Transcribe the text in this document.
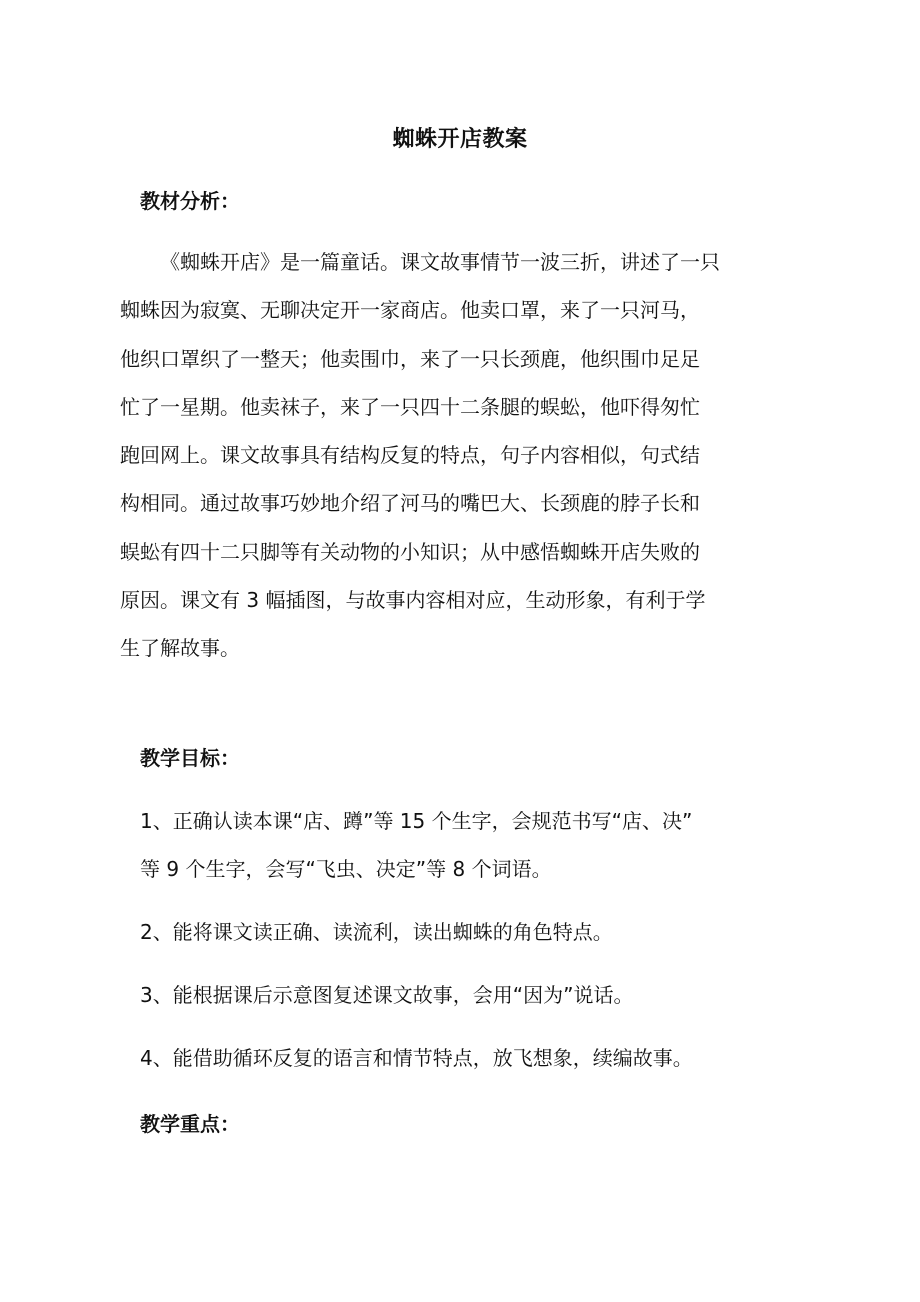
蜘蛛开店教案
教材分析：
《蜘蛛开店》是一篇童话。课文故事情节一波三折，讲述了一只
蜘蛛因为寂寞、无聊决定开一家商店。他卖口罩，来了一只河马，
他织口罩织了一整天；他卖围巾，来了一只长颈鹿，他织围巾足足
忙了一星期。他卖袜子，来了一只四十二条腿的蜈蚣，他吓得匆忙
跑回网上。课文故事具有结构反复的特点，句子内容相似，句式结
构相同。通过故事巧妙地介绍了河马的嘴巴大、长颈鹿的脖子长和
蜈蚣有四十二只脚等有关动物的小知识；从中感悟蜘蛛开店失败的
原因。课文有 3 幅插图，与故事内容相对应，生动形象，有利于学
生了解故事。
教学目标：
1、正确认读本课“店、蹲”等 15 个生字，会规范书写“店、决”
等 9 个生字，会写“飞虫、决定”等 8 个词语。
2、能将课文读正确、读流利，读出蜘蛛的角色特点。
3、能根据课后示意图复述课文故事，会用“因为”说话。
4、能借助循环反复的语言和情节特点，放飞想象，续编故事。
教学重点：
